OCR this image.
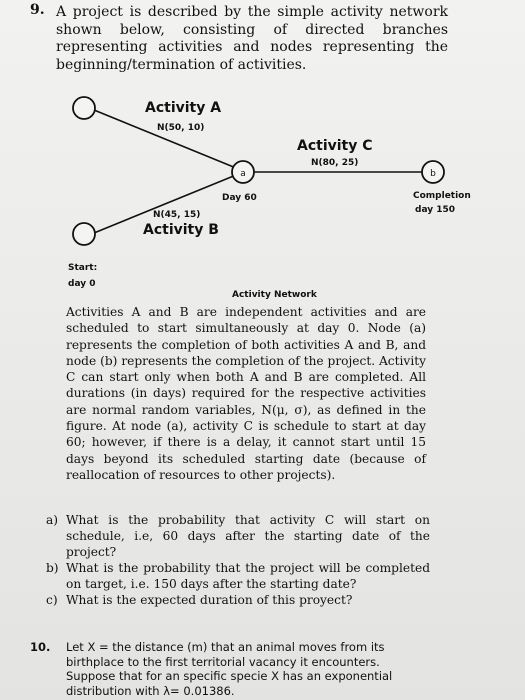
9. A project is described by the simple activity network shown below, consisting of directed branches representing activities and nodes representing the beginning/termination of activities.
a	b
Activity A
N(50, 10)
Activity C
N(80, 25)
Day 60
N(45, 15)
Activity B
Completion
day 150
Start:
day 0
Activity Network
Activities A and B are independent activities and are scheduled to start simultaneously at day 0. Node (a) represents the completion of both activities A and B, and node (b) represents the completion of the project. Activity C can start only when both A and B are completed. All durations (in days) required for the respective activities are normal random variables, N(μ, σ), as defined in the figure. At node (a), activity C is schedule to start at day 60; however, if there is a delay, it cannot start until 15 days beyond its scheduled starting date (because of reallocation of resources to other projects).
a) What is the probability that activity C will start on schedule, i.e, 60 days after the starting date of the project?
b) What is the probability that the project will be completed on target, i.e. 150 days after the starting date?
c) What is the expected duration of this proyect?
10.	Let X = the distance (m) that an animal moves from its birthplace to the first territorial vacancy it encounters. Suppose that for an specific specie X has an exponential distribution with λ= 0.01386.
